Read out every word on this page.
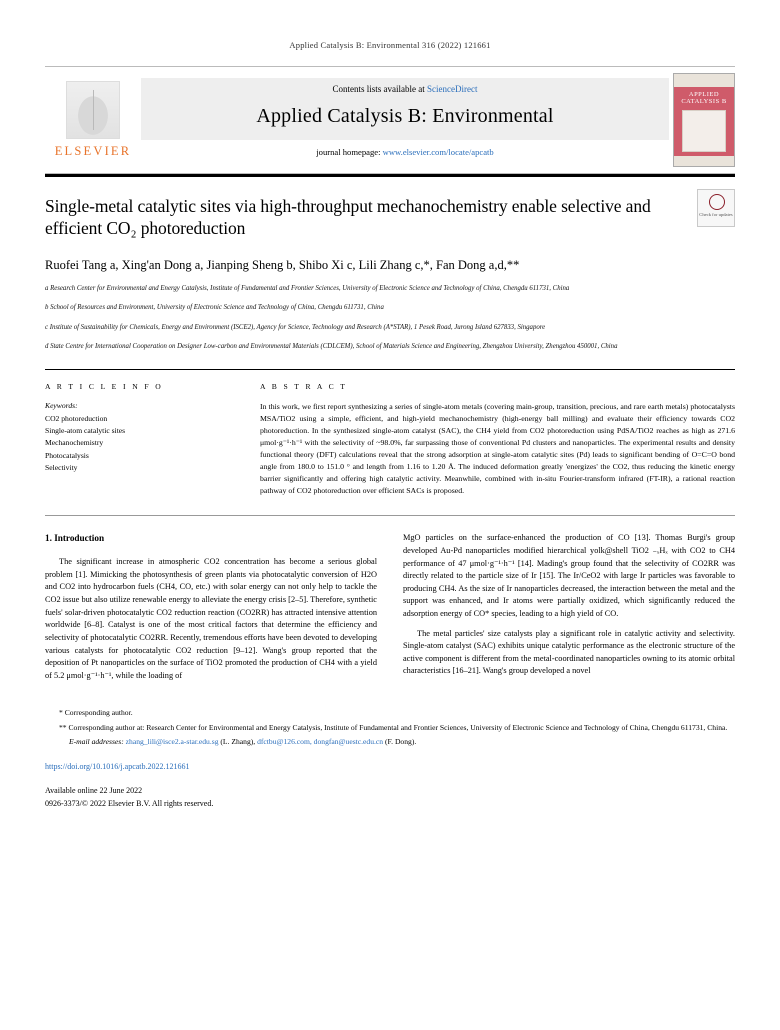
Applied Catalysis B: Environmental 316 (2022) 121661
ELSEVIER
Contents lists available at ScienceDirect
Applied Catalysis B: Environmental
journal homepage: www.elsevier.com/locate/apcatb
APPLIED CATALYSIS B
Single-metal catalytic sites via high-throughput mechanochemistry enable selective and efficient CO₂ photoreduction
Check for updates
Ruofei Tang a, Xing'an Dong a, Jianping Sheng b, Shibo Xi c, Lili Zhang c,*, Fan Dong a,d,**
a Research Center for Environmental and Energy Catalysis, Institute of Fundamental and Frontier Sciences, University of Electronic Science and Technology of China, Chengdu 611731, China
b School of Resources and Environment, University of Electronic Science and Technology of China, Chengdu 611731, China
c Institute of Sustainability for Chemicals, Energy and Environment (ISCE2), Agency for Science, Technology and Research (A*STAR), 1 Pesek Road, Jurong Island 627833, Singapore
d State Centre for International Cooperation on Designer Low-carbon and Environmental Materials (CDLCEM), School of Materials Science and Engineering, Zhengzhou University, Zhengzhou 450001, China
A R T I C L E I N F O
Keywords:
CO2 photoreduction
Single-atom catalytic sites
Mechanochemistry
Photocatalysis
Selectivity
A B S T R A C T
In this work, we first report synthesizing a series of single-atom metals (covering main-group, transition, precious, and rare earth metals) photocatalysts MSA/TiO2 using a simple, efficient, and high-yield mechanochemistry (high-energy ball milling) and evaluate their efficiency towards CO2 photoreduction. In the synthesized single-atom catalyst (SAC), the CH4 yield from CO2 photoreduction using PdSA/TiO2 reaches as high as 271.6 μmol·g⁻¹·h⁻¹ with the selectivity of ~98.0%, far surpassing those of conventional Pd clusters and nanoparticles. The experimental results and density functional theory (DFT) calculations reveal that the strong adsorption at single-atom catalytic sites (Pd) leads to significant bending of O=C=O bond angle from 180.0 to 151.0 ° and length from 1.16 to 1.20 Å. The induced deformation greatly 'energizes' the CO2, thus reducing the kinetic energy barrier significantly and offering high catalytic activity. Meanwhile, combined with in-situ Fourier-transform infrared (FT-IR), a rational reaction pathway of CO2 photoreduction over efficient SACs is proposed.
1. Introduction

The significant increase in atmospheric CO2 concentration has become a serious global problem [1]. Mimicking the photosynthesis of green plants via photocatalytic conversion of H2O and CO2 into hydrocarbon fuels (CH4, CO, etc.) with solar energy can not only help to tackle the CO2 issue but also utilize renewable energy to alleviate the energy crisis [2–5]. Therefore, synthetic fuels' solar-driven photocatalytic CO2 reduction reaction (CO2RR) has attracted intensive attention worldwide [6–8]. Catalyst is one of the most critical factors that determine the efficiency and selectivity of photocatalytic CO2RR. Recently, tremendous efforts have been devoted to developing various catalysts for photocatalytic CO2 reduction [9–12]. Wang's group reported that the deposition of Pt nanoparticles on the surface of TiO2 promoted the production of CH4 with a yield of 5.2 μmol·g⁻¹·h⁻¹, while the loading of

MgO particles on the surface-enhanced the production of CO [13]. Thomas Burgi's group developed Au-Pd nanoparticles modified hierarchical yolk@shell TiO2 ₋ₓHₓ with CO2 to CH4 performance of 47 μmol·g⁻¹·h⁻¹ [14]. Mading's group found that the selectivity of CO2RR was directly related to the particle size of Ir [15]. The Ir/CeO2 with large Ir particles was favorable to producing CH4. As the size of Ir nanoparticles decreased, the interaction between the metal and the support was enhanced, and Ir atoms were partially oxidized, which significantly reduced the adsorption energy of CO* species, leading to a high yield of CO.

The metal particles' size catalysts play a significant role in catalytic activity and selectivity. Single-atom catalyst (SAC) exhibits unique catalytic performance as the electronic structure of the active component is different from the metal-coordinated nanoparticles owning to its atomic orbital characteristics [16–21]. Wang's group developed a novel

* Corresponding author.
** Corresponding author at: Research Center for Environmental and Energy Catalysis, Institute of Fundamental and Frontier Sciences, University of Electronic Science and Technology of China, Chengdu 611731, China.
E-mail addresses: zhang_lili@isce2.a-star.edu.sg (L. Zhang), dfctbu@126.com, dongfan@uestc.edu.cn (F. Dong).
https://doi.org/10.1016/j.apcatb.2022.121661
Available online 22 June 2022
0926-3373/© 2022 Elsevier B.V. All rights reserved.
